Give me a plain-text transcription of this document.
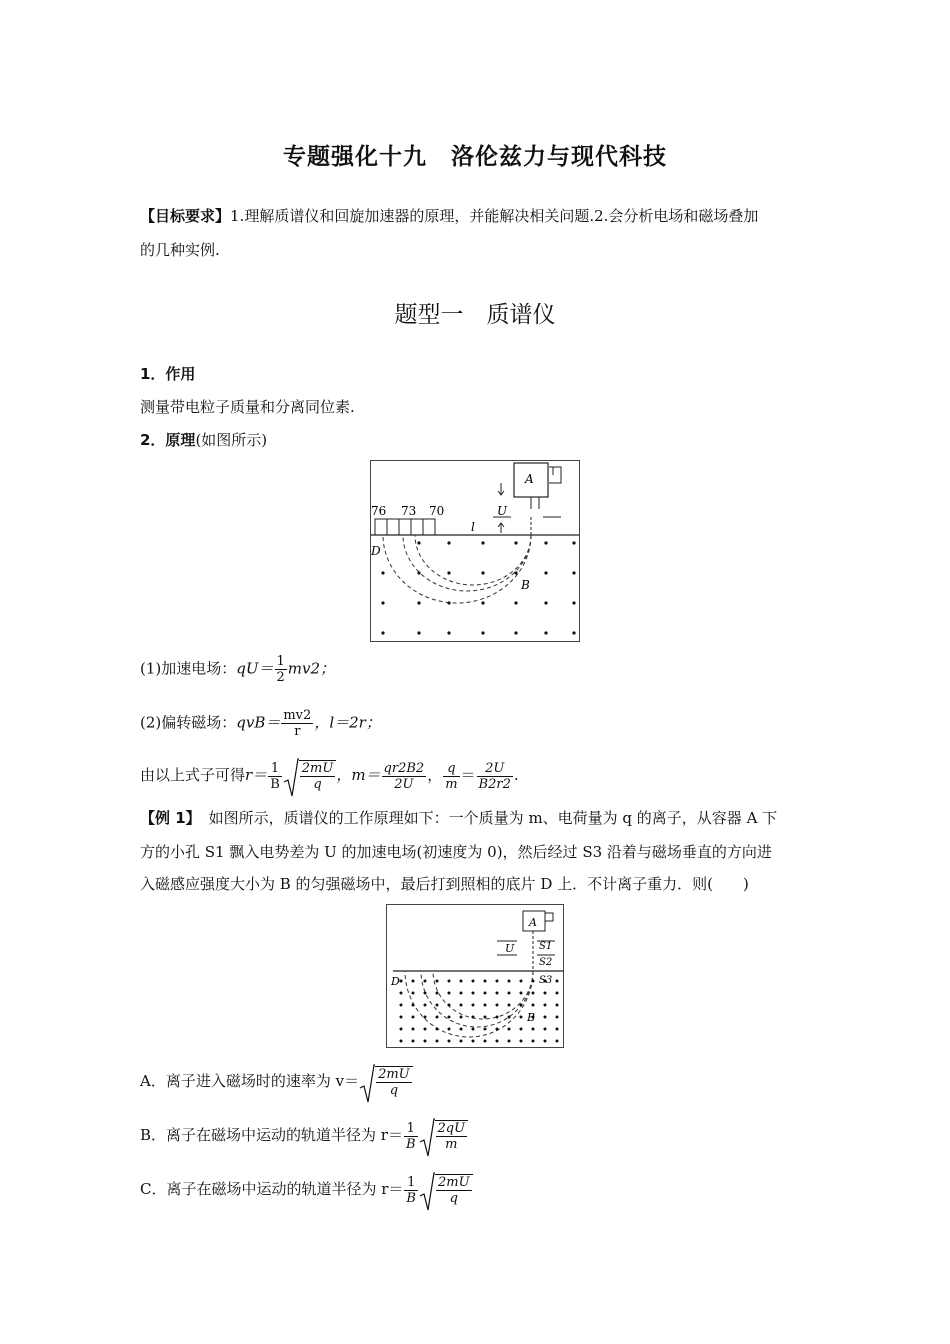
专题强化十九　洛伦兹力与现代科技
【目标要求】1.理解质谱仪和回旋加速器的原理，并能解决相关问题.2.会分析电场和磁场叠加
的几种实例.
题型一　质谱仪
1．作用
测量带电粒子质量和分离同位素.
2．原理(如图所示)
76 73 70	U
A
l
D
B
(1)加速电场：$qU= \frac{1}{2} mv2$；
(2)偏转磁场：$qvB= \frac{mv2}{r}$ ，l＝2r；
由以上式子可得$r= \frac{1}{B} \frac{2mU}{q}$ ，$m= \frac{qr2B2}{2U}$ ， $\frac{q}{m} = \frac{2U}{B2r2}$ .
【例 1】 如图所示，质谱仪的工作原理如下：一个质量为 m、电荷量为 q 的离子，从容器 A 下
方的小孔 S1 飘入电势差为 U 的加速电场(初速度为 0)，然后经过 S3 沿着与磁场垂直的方向进
入磁感应强度大小为 B 的匀强磁场中，最后打到照相的底片 D 上．不计离子重力．则(　　)
A
U S1
S2
S3
D
B
A．离子进入磁场时的速率为 $v= \frac{2mU}{q}$
B．离子在磁场中运动的轨道半径为 $r= \frac{1}{B} \frac{2qU}{m}$
C．离子在磁场中运动的轨道半径为 $r= \frac{1}{B} \frac{2mU}{q}$
